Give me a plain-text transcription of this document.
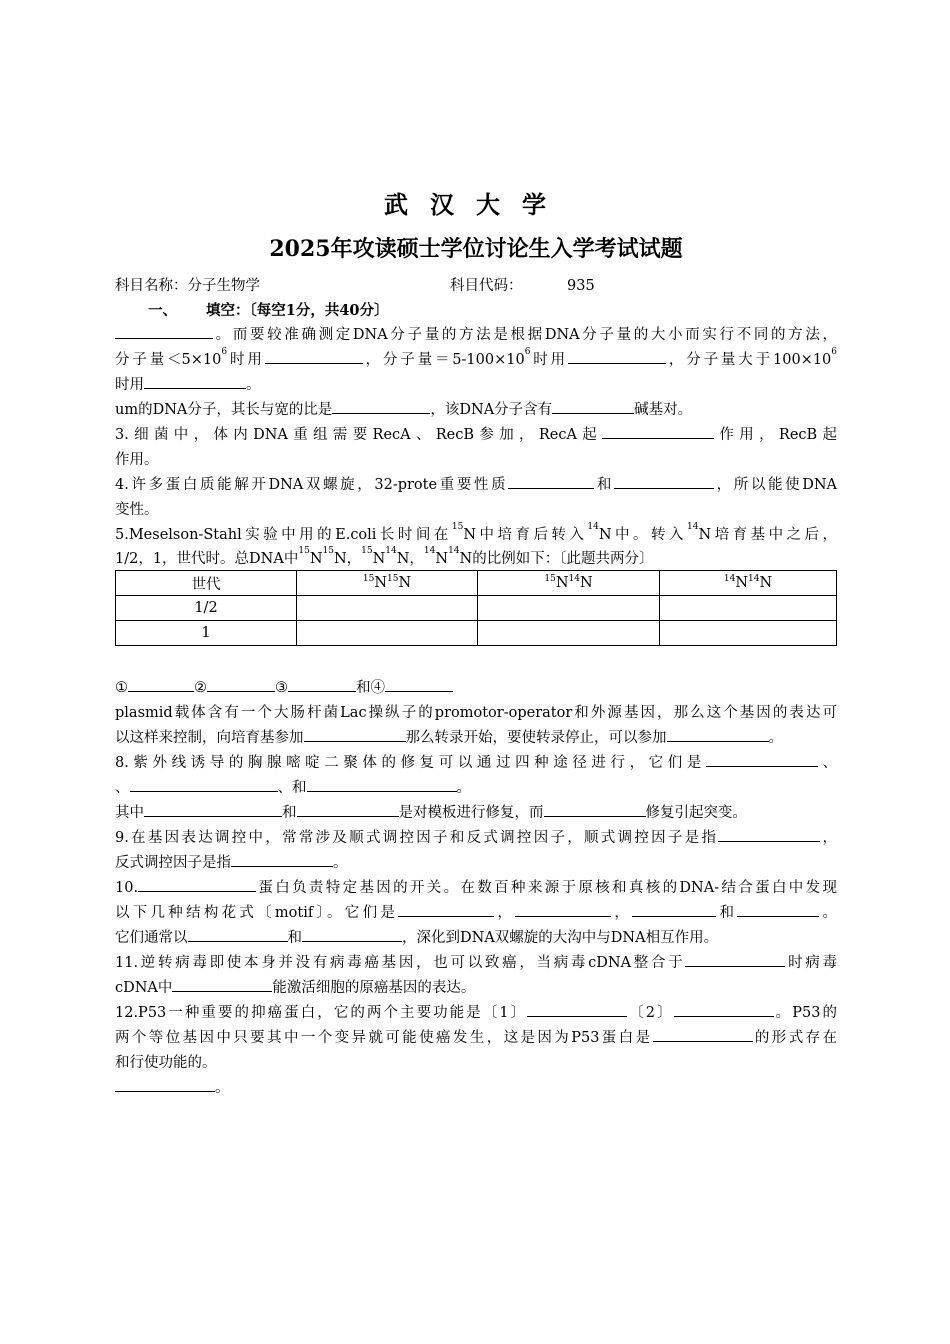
武汉大学
2025年攻读硕士学位讨论生入学考试试题
科目名称：分子生物学	科目代码：	935
一、 填空：〔每空1分，共40分〕
。而要较准确测定DNA分子量的方法是根据DNA分子量的大小而实行不同的方法，
分子量$<5\times 10^6$时用	，分子量$=5-100\times 10^6$时用	，分子量大于$100\times 10^6$
时用	。
um的DNA分子，其长与宽的比是	，该DNA分子含有	碱基对。
3.细菌中，体内DNA重组需要RecA、RecB参加，RecA起	作用，RecB起
作用。
4.许多蛋白质能解开DNA双螺旋，32-prote重要性质	和	，所以能使DNA
变性。
5.Meselson-Stahl实验中用的E.coli长时间在$^{15}$N中培育后转入$^{14}$N中。转入$^{14}$N培育基中之后，
1/2，1，世代时。总DNA中$^{15}N^{15}N$，$^{15}N^{14}N$，$^{14}N^{14}N$的比例如下：〔此题共两分〕
世代	$^{15}N^{15}N$	$^{15}N^{14}N$	$^{14}N^{14}N$
1/2			
1			
①	②	③	和④
plasmid载体含有一个大肠杆菌Lac操纵子的promotor-operator和外源基因，那么这个基因的表达可
以这样来控制，向培育基参加	那么转录开始，要使转录停止，可以参加	。
8.紫外线诱导的胸腺嘧啶二聚体的修复可以通过四种途径进行，它们是	、
、	、和	。
其中	和	是对模板进行修复，而	修复引起突变。
9.在基因表达调控中，常常涉及顺式调控因子和反式调控因子，顺式调控因子是指	，
反式调控因子是指	。
10.	蛋白负责特定基因的开关。在数百种来源于原核和真核的DNA-结合蛋白中发现
以下几种结构花式〔motif〕。它们是	，	，	和	。
它们通常以	和	，深化到DNA双螺旋的大沟中与DNA相互作用。
11.逆转病毒即使本身并没有病毒癌基因，也可以致癌，当病毒cDNA整合于	时病毒
cDNA中	能激活细胞的原癌基因的表达。
12.P53一种重要的抑癌蛋白，它的两个主要功能是〔1〕	〔2〕	。P53的
两个等位基因中只要其中一个变异就可能使癌发生，这是因为P53蛋白是	的形式存在
和行使功能的。
。
